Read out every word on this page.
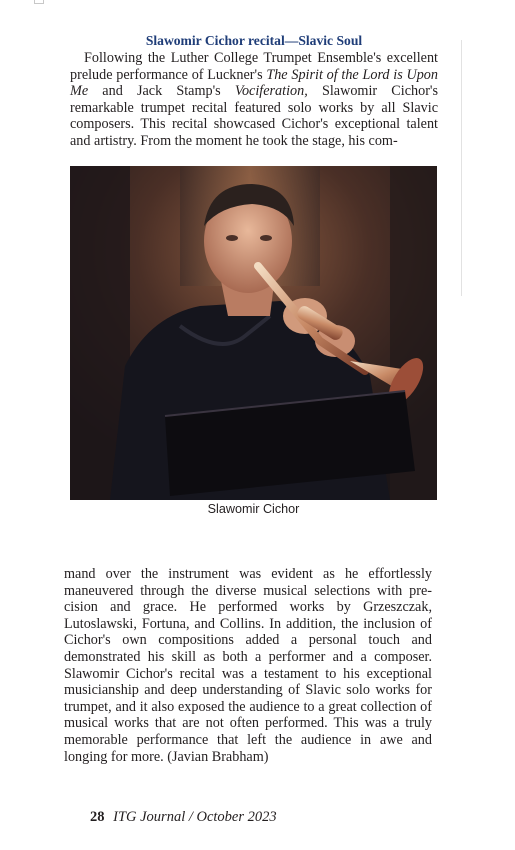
Slawomir Cichor recital—Slavic Soul
Following the Luther College Trumpet Ensemble's excellent prelude performance of Luckner's The Spirit of the Lord is Upon Me and Jack Stamp's Vociferation, Slawomir Cichor's remarkable trumpet recital featured solo works by all Slavic composers. This recital showcased Cichor's exceptional talent and artistry. From the moment he took the stage, his com-
Slawomir Cichor
mand over the instrument was evident as he effortlessly maneuvered through the diverse musical selections with precision and grace. He performed works by Grzeszczak, Lutoslawski, Fortuna, and Collins. In addition, the inclusion of Cichor's own compositions added a personal touch and demonstrated his skill as both a performer and a composer. Slawomir Cichor's recital was a testament to his exceptional musicianship and deep understanding of Slavic solo works for trumpet, and it also exposed the audience to a great collection of musical works that are not often performed. This was a truly memorable performance that left the audience in awe and longing for more. (Javian Brabham)
28 ITG Journal / October 2023
